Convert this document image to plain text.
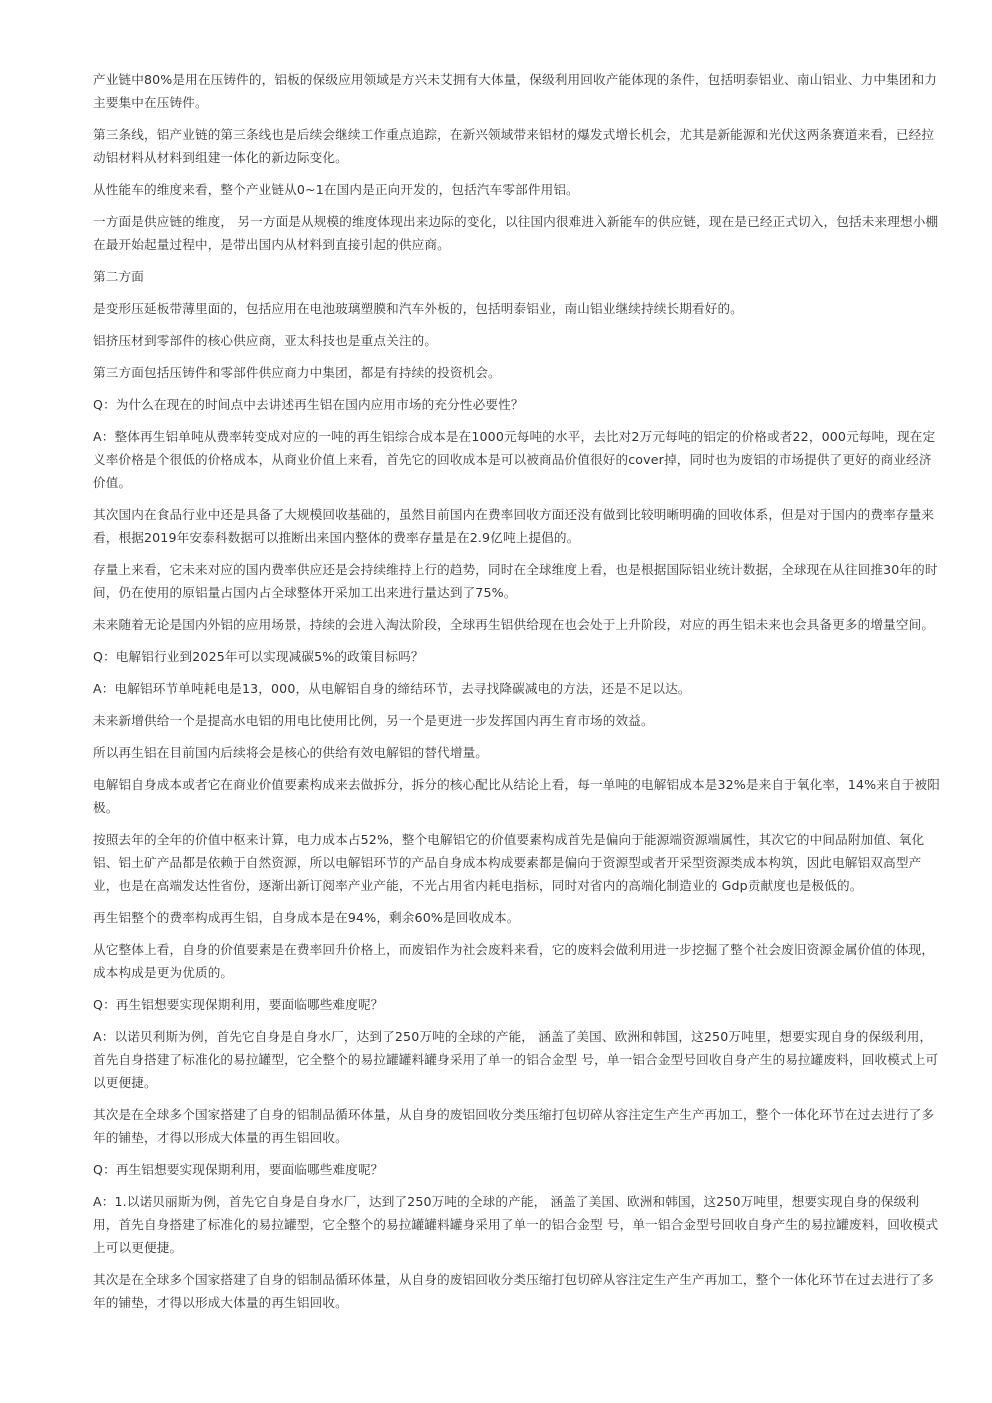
产业链中80%是用在压铸件的，铝板的保级应用领域是方兴未艾拥有大体量，保级利用回收产能体现的条件，包括明泰铝业、南山铝业、力中集团和力主要集中在压铸件。

第三条线，铝产业链的第三条线也是后续会继续工作重点追踪，在新兴领域带来铝材的爆发式增长机会，尤其是新能源和光伏这两条赛道来看，已经拉动铝材料从材料到组建一体化的新边际变化。

从性能车的维度来看，整个产业链从0~1在国内是正向开发的，包括汽车零部件用铝。

一方面是供应链的维度， 另一方面是从规模的维度体现出来边际的变化，以往国内很难进入新能车的供应链，现在是已经正式切入，包括未来理想小棚在最开始起量过程中，是带出国内从材料到直接引起的供应商。

第二方面

是变形压延板带薄里面的，包括应用在电池玻璃塑膜和汽车外板的，包括明泰铝业，南山铝业继续持续长期看好的。

铝挤压材到零部件的核心供应商，亚太科技也是重点关注的。

第三方面包括压铸件和零部件供应商力中集团，都是有持续的投资机会。

Q：为什么在现在的时间点中去讲述再生铝在国内应用市场的充分性必要性？

A：整体再生铝单吨从费率转变成对应的一吨的再生铝综合成本是在1000元每吨的水平，去比对2万元每吨的铝定的价格或者22，000元每吨，现在定义率价格是个很低的价格成本，从商业价值上来看，首先它的回收成本是可以被商品价值很好的cover掉，同时也为废铝的市场提供了更好的商业经济价值。

其次国内在食品行业中还是具备了大规模回收基础的，虽然目前国内在费率回收方面还没有做到比较明晰明确的回收体系，但是对于国内的费率存量来看，根据2019年安泰科数据可以推断出来国内整体的费率存量是在2.9亿吨上提倡的。

存量上来看，它未来对应的国内费率供应还是会持续维持上行的趋势，同时在全球维度上看，也是根据国际铝业统计数据，全球现在从往回推30年的时间，仍在使用的原铝量占国内占全球整体开采加工出来进行量达到了75%。

未来随着无论是国内外铝的应用场景，持续的会进入淘汰阶段，全球再生铝供给现在也会处于上升阶段，对应的再生铝未来也会具备更多的增量空间。

Q：电解铝行业到2025年可以实现减碳5%的政策目标吗？

A：电解铝环节单吨耗电是13，000，从电解铝自身的缔结环节，去寻找降碳减电的方法，还是不足以达。

未来新增供给一个是提高水电铝的用电比使用比例，另一个是更进一步发挥国内再生育市场的效益。

所以再生铝在目前国内后续将会是核心的供给有效电解铝的替代增量。

电解铝自身成本或者它在商业价值要素构成来去做拆分，拆分的核心配比从结论上看，每一单吨的电解铝成本是32%是来自于氧化率，14%来自于被阳极。

按照去年的全年的价值中枢来计算，电力成本占52%，整个电解铝它的价值要素构成首先是偏向于能源端资源端属性，其次它的中间品附加值、氧化铝、铝土矿产品都是依赖于自然资源，所以电解铝环节的产品自身成本构成要素都是偏向于资源型或者开采型资源类成本构筑，因此电解铝双高型产业，也是在高端发达性省份，逐渐出新订阅率产业产能，不光占用省内耗电指标，同时对省内的高端化制造业的 Gdp贡献度也是极低的。

再生铝整个的费率构成再生铝，自身成本是在94%，剩余60%是回收成本。

从它整体上看，自身的价值要素是在费率回升价格上，而废铝作为社会废料来看，它的废料会做利用进一步挖掘了整个社会废旧资源金属价值的体现，成本构成是更为优质的。

Q：再生铝想要实现保期利用，要面临哪些难度呢？

A：以诺贝利斯为例，首先它自身是自身水厂，达到了250万吨的全球的产能， 涵盖了美国、欧洲和韩国，这250万吨里，想要实现自身的保级利用，首先自身搭建了标准化的易拉罐型，它全整个的易拉罐罐料罐身采用了单一的铝合金型 号，单一铝合金型号回收自身产生的易拉罐废料，回收模式上可以更便捷。

其次是在全球多个国家搭建了自身的铝制品循环体量，从自身的废铝回收分类压缩打包切碎从容注定生产生产再加工，整个一体化环节在过去进行了多年的铺垫，才得以形成大体量的再生铝回收。

Q：再生铝想要实现保期利用，要面临哪些难度呢？

A：1.以诺贝丽斯为例，首先它自身是自身水厂，达到了250万吨的全球的产能， 涵盖了美国、欧洲和韩国，这250万吨里，想要实现自身的保级利用，首先自身搭建了标准化的易拉罐型，它全整个的易拉罐罐料罐身采用了单一的铝合金型 号，单一铝合金型号回收自身产生的易拉罐废料，回收模式上可以更便捷。

其次是在全球多个国家搭建了自身的铝制品循环体量，从自身的废铝回收分类压缩打包切碎从容注定生产生产再加工，整个一体化环节在过去进行了多年的铺垫，才得以形成大体量的再生铝回收。
